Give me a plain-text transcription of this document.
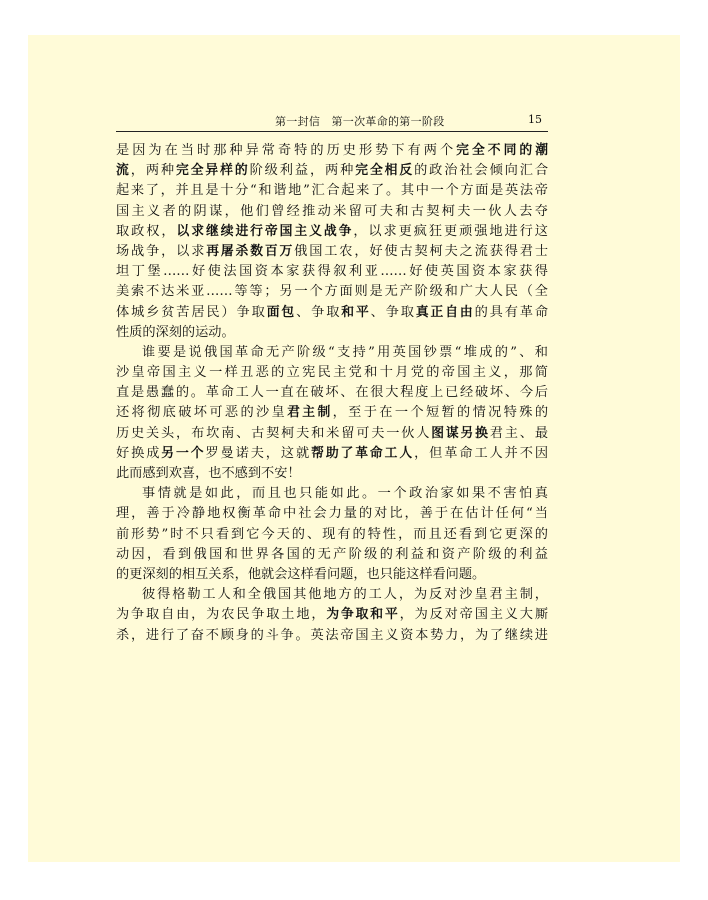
第一封信　第一次革命的第一阶段	15
是因为在当时那种异常奇特的历史形势下有两个完全不同的潮
流，两种完全异样的阶级利益，两种完全相反的政治社会倾向汇合
起来了，并且是十分“和谐地”汇合起来了。其中一个方面是英法帝
国主义者的阴谋，他们曾经推动米留可夫和古契柯夫一伙人去夺
取政权，以求继续进行帝国主义战争，以求更疯狂更顽强地进行这
场战争，以求再屠杀数百万俄国工农，好使古契柯夫之流获得君士
坦丁堡……好使法国资本家获得叙利亚……好使英国资本家获得
美索不达米亚……等等；另一个方面则是无产阶级和广大人民（全
体城乡贫苦居民）争取面包、争取和平、争取真正自由的具有革命
性质的深刻的运动。
谁要是说俄国革命无产阶级“支持”用英国钞票“堆成的”、和
沙皇帝国主义一样丑恶的立宪民主党和十月党的帝国主义，那简
直是愚蠢的。革命工人一直在破坏、在很大程度上已经破坏、今后
还将彻底破坏可恶的沙皇君主制，至于在一个短暂的情况特殊的
历史关头，布坎南、古契柯夫和米留可夫一伙人图谋另换君主、最
好换成另一个罗曼诺夫，这就帮助了革命工人，但革命工人并不因
此而感到欢喜，也不感到不安！
事情就是如此，而且也只能如此。一个政治家如果不害怕真
理，善于冷静地权衡革命中社会力量的对比，善于在估计任何“当
前形势”时不只看到它今天的、现有的特性，而且还看到它更深的
动因，看到俄国和世界各国的无产阶级的利益和资产阶级的利益
的更深刻的相互关系，他就会这样看问题，也只能这样看问题。
彼得格勒工人和全俄国其他地方的工人，为反对沙皇君主制，
为争取自由，为农民争取土地，为争取和平，为反对帝国主义大厮
杀，进行了奋不顾身的斗争。英法帝国主义资本势力，为了继续进
